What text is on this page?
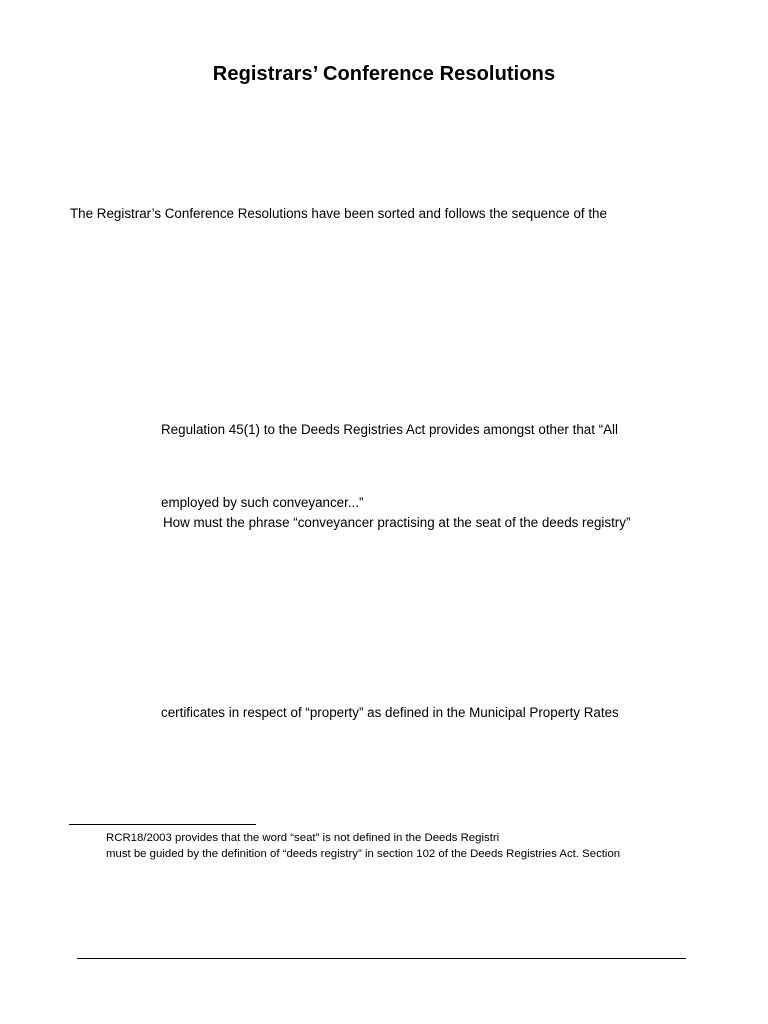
Registrars’ Conference Resolutions
The Registrar’s Conference Resolutions have been sorted and follows the sequence of the
Regulation 45(1) to the Deeds Registries Act provides amongst other that “All
employed by such conveyancer...”
How must the phrase “conveyancer practising at the seat of the deeds registry”
certificates in respect of “property” as defined in the Municipal Property Rates
RCR18/2003 provides that the word “seat” is not defined in the Deeds Registri
must be guided by the definition of “deeds registry” in section 102 of the Deeds Registries Act. Section
